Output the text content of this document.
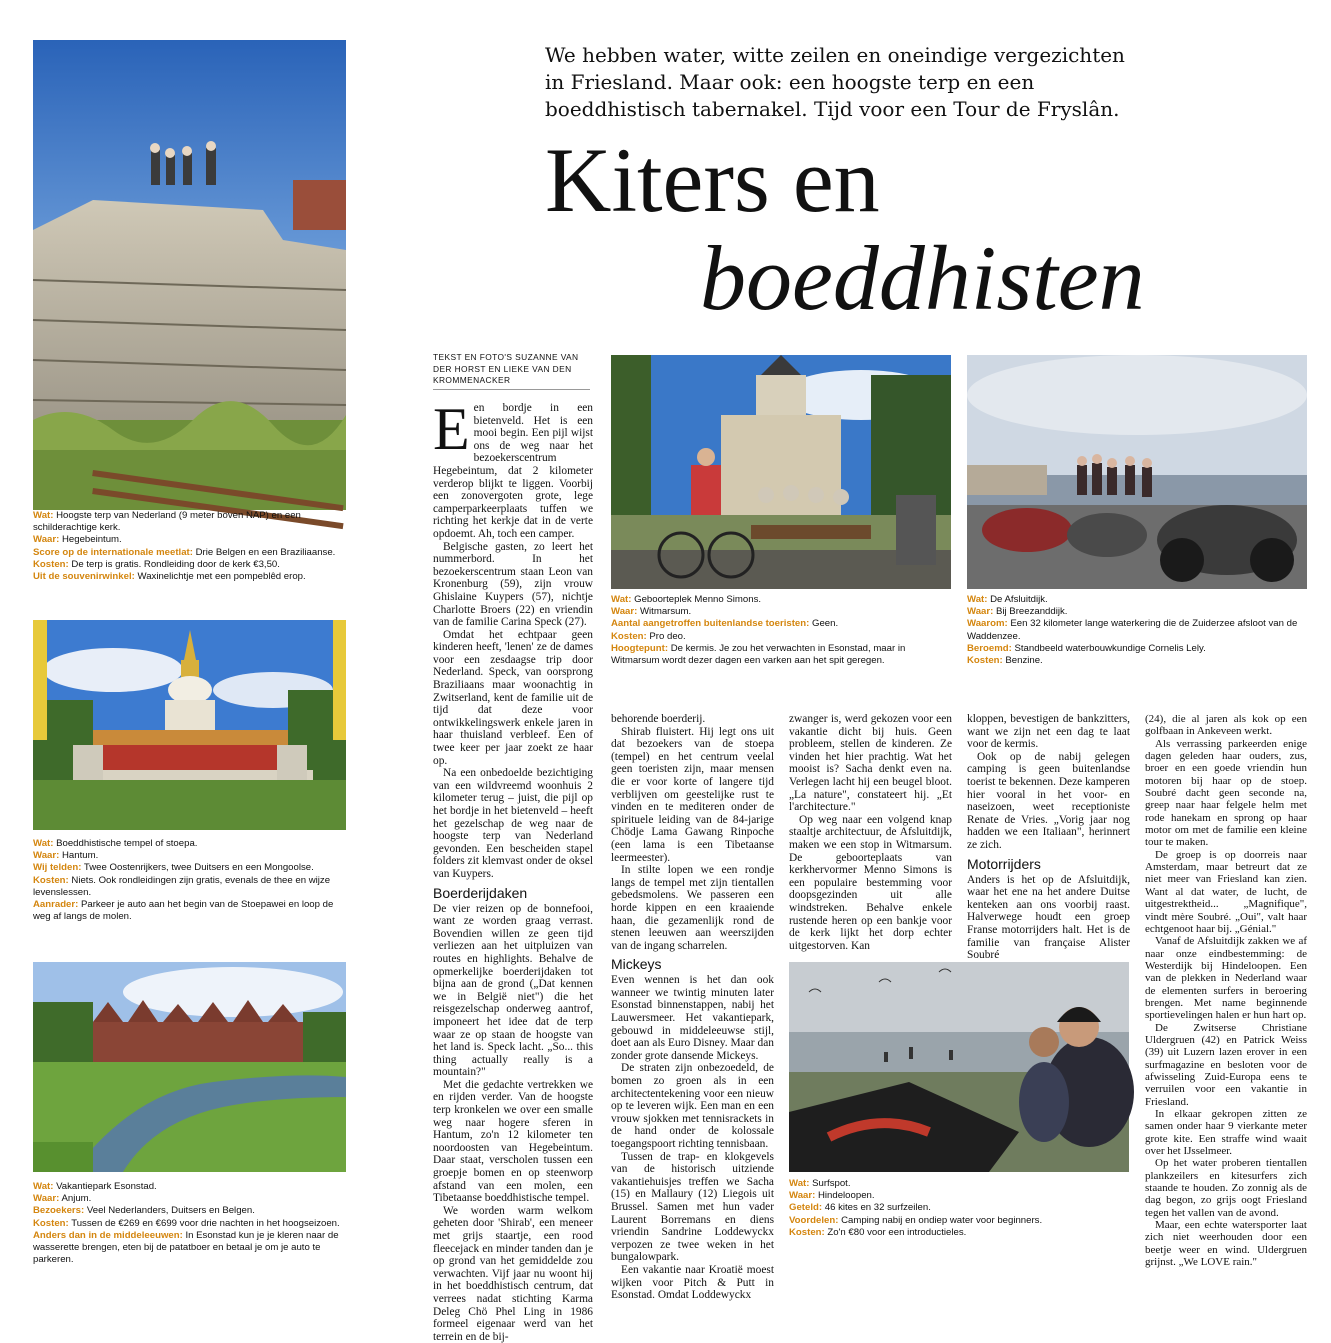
Wat: Hoogste terp van Nederland (9 meter boven NAP) en een schilderachtige kerk.
Waar: Hegebeintum.
Score op de internationale meetlat: Drie Belgen en een Braziliaanse.
Kosten: De terp is gratis. Rondleiding door de kerk €3,50.
Uit de souvenirwinkel: Waxinelichtje met een pompeblêd erop.
Wat: Boeddhistische tempel of stoepa.
Waar: Hantum.
Wij telden: Twee Oostenrijkers, twee Duitsers en een Mongoolse.
Kosten: Niets. Ook rondleidingen zijn gratis, evenals de thee en wijze levenslessen.
Aanrader: Parkeer je auto aan het begin van de Stoepawei en loop de weg af langs de molen.
Wat: Vakantiepark Esonstad.
Waar: Anjum.
Bezoekers: Veel Nederlanders, Duitsers en Belgen.
Kosten: Tussen de €269 en €699 voor drie nachten in het hoogseizoen.
Anders dan in de middeleeuwen: In Esonstad kun je je kleren naar de wasserette brengen, eten bij de patatboer en betaal je om je auto te parkeren.
Wat: Geboorteplek Menno Simons.
Waar: Witmarsum.
Aantal aangetroffen buitenlandse toeristen: Geen.
Kosten: Pro deo.
Hoogtepunt: De kermis. Je zou het verwachten in Esonstad, maar in Witmarsum wordt dezer dagen een varken aan het spit geregen.
Wat: De Afsluitdijk.
Waar: Bij Breezanddijk.
Waarom: Een 32 kilometer lange waterkering die de Zuiderzee afsloot van de Waddenzee.
Beroemd: Standbeeld waterbouwkundige Cornelis Lely.
Kosten: Benzine.
Wat: Surfspot.
Waar: Hindeloopen.
Geteld: 46 kites en 32 surfzeilen.
Voordelen: Camping nabij en ondiep water voor beginners.
Kosten: Zo'n €80 voor een introductieles.
We hebben water, witte zeilen en oneindige vergezichten in Friesland. Maar ook: een hoogste terp en een boeddhistisch tabernakel. Tijd voor een Tour de Fryslân.
Kiters en
boeddhisten
TEKST EN FOTO'S SUZANNE VAN DER HORST EN LIEKE VAN DEN KROMMENACKER

Een bordje in een bietenveld. Het is een mooi begin. Een pijl wijst ons de weg naar het bezoekerscentrum Hegebeintum, dat 2 kilometer verderop blijkt te liggen. Voorbij een zonovergoten grote, lege camperparkeerplaats tuffen we richting het kerkje dat in de verte opdoemt. Ah, toch een camper.

Belgische gasten, zo leert het nummerbord. In het bezoekerscentrum staan Leon van Kronenburg (59), zijn vrouw Ghislaine Kuypers (57), nichtje Charlotte Broers (22) en vriendin van de familie Carina Speck (27).

Omdat het echtpaar geen kinderen heeft, 'lenen' ze de dames voor een zesdaagse trip door Nederland. Speck, van oorsprong Braziliaans maar woonachtig in Zwitserland, kent de familie uit de tijd dat deze voor ontwikkelingswerk enkele jaren in haar thuisland verbleef. Een of twee keer per jaar zoekt ze haar op.

Na een onbedoelde bezichtiging van een wildvreemd woonhuis 2 kilometer terug – juist, die pijl op het bordje in het bietenveld – heeft het gezelschap de weg naar de hoogste terp van Nederland gevonden. Een bescheiden stapel folders zit klemvast onder de oksel van Kuypers.

Boerderijdaken

De vier reizen op de bonnefooi, want ze worden graag verrast. Bovendien willen ze geen tijd verliezen aan het uitpluizen van routes en highlights. Behalve de opmerkelijke boerderijdaken tot bijna aan de grond („Dat kennen we in België niet") die het reisgezelschap onderweg aantrof, imponeert het idee dat de terp waar ze op staan de hoogste van het land is. Speck lacht. „So... this thing actually really is a mountain?"

Met die gedachte vertrekken we en rijden verder. Van de hoogste terp kronkelen we over een smalle weg naar hogere sferen in Hantum, zo'n 12 kilometer ten noordoosten van Hegebeintum. Daar staat, verscholen tussen een groepje bomen en op steenworp afstand van een molen, een Tibetaanse boeddhistische tempel.

We worden warm welkom geheten door 'Shirab', een meneer met grijs staartje, een rood fleecejack en minder tanden dan je op grond van het gemiddelde zou verwachten. Vijf jaar nu woont hij in het boeddhistisch centrum, dat verrees nadat stichting Karma Deleg Chö Phel Ling in 1986 formeel eigenaar werd van het terrein en de bij-

behorende boerderij.

Shirab fluistert. Hij legt ons uit dat bezoekers van de stoepa (tempel) en het centrum veelal geen toeristen zijn, maar mensen die er voor korte of langere tijd verblijven om geestelijke rust te vinden en te mediteren onder de spirituele leiding van de 84-jarige Chödje Lama Gawang Rinpoche (een lama is een Tibetaanse leermeester).

In stilte lopen we een rondje langs de tempel met zijn tientallen gebedsmolens. We passeren een horde kippen en een kraaiende haan, die gezamenlijk rond de stenen leeuwen aan weerszijden van de ingang scharrelen.

Mickeys

Even wennen is het dan ook wanneer we twintig minuten later Esonstad binnenstappen, nabij het Lauwersmeer. Het vakantiepark, gebouwd in middeleeuwse stijl, doet aan als Euro Disney. Maar dan zonder grote dansende Mickeys.

De straten zijn onbezoedeld, de bomen zo groen als in een architectentekening voor een nieuw op te leveren wijk. Een man en een vrouw sjokken met tennisrackets in de hand onder de kolossale toegangspoort richting tennisbaan.

Tussen de trap- en klokgevels van de historisch uitziende vakantiehuisjes treffen we Sacha (15) en Mallaury (12) Liegois uit Brussel. Samen met hun vader Laurent Borremans en diens vriendin Sandrine Loddewyckx verpozen ze twee weken in het bungalowpark.

Een vakantie naar Kroatië moest wijken voor Pitch & Putt in Esonstad. Omdat Loddewyckx

zwanger is, werd gekozen voor een vakantie dicht bij huis. Geen probleem, stellen de kinderen. Ze vinden het hier prachtig. Wat het mooist is? Sacha denkt even na. Verlegen lacht hij een beugel bloot. „La nature", constateert hij. „Et l'architecture."

Op weg naar een volgend knap staaltje architectuur, de Afsluitdijk, maken we een stop in Witmarsum. De geboorteplaats van kerkhervormer Menno Simons is een populaire bestemming voor doopsgezinden uit alle windstreken. Behalve enkele rustende heren op een bankje voor de kerk lijkt het dorp echter uitgestorven. Kan

kloppen, bevestigen de bankzitters, want we zijn net een dag te laat voor de kermis.

Ook op de nabij gelegen camping is geen buitenlandse toerist te bekennen. Deze kamperen hier vooral in het voor- en naseizoen, weet receptioniste Renate de Vries. „Vorig jaar nog hadden we een Italiaan", herinnert ze zich.

Motorrijders

Anders is het op de Afsluitdijk, waar het ene na het andere Duitse kenteken aan ons voorbij raast. Halverwege houdt een groep Franse motorrijders halt. Het is de familie van française Alister Soubré

(24), die al jaren als kok op een golfbaan in Ankeveen werkt.

Als verrassing parkeerden enige dagen geleden haar ouders, zus, broer en een goede vriendin hun motoren bij haar op de stoep. Soubré dacht geen seconde na, greep naar haar felgele helm met rode hanekam en sprong op haar motor om met de familie een kleine tour te maken.

De groep is op doorreis naar Amsterdam, maar betreurt dat ze niet meer van Friesland kan zien. Want al dat water, de lucht, de uitgestrektheid... „Magnifique", vindt mère Soubré. „Oui", valt haar echtgenoot haar bij. „Génial."

Vanaf de Afsluitdijk zakken we af naar onze eindbestemming: de Westerdijk bij Hindeloopen. Een van de plekken in Nederland waar de elementen surfers in beroering brengen. Met name beginnende sportievelingen halen er hun hart op.

De Zwitserse Christiane Uldergruen (42) en Patrick Weiss (39) uit Luzern lazen erover in een surfmagazine en besloten voor de afwisseling Zuid-Europa eens te verruilen voor een vakantie in Friesland.

In elkaar gekropen zitten ze samen onder haar 9 vierkante meter grote kite. Een straffe wind waait over het IJsselmeer.

Op het water proberen tientallen plankzeilers en kitesurfers zich staande te houden. Zo zonnig als de dag begon, zo grijs oogt Friesland tegen het vallen van de avond.

Maar, een echte watersporter laat zich niet weerhouden door een beetje weer en wind. Uldergruen grijnst. „We LOVE rain."
